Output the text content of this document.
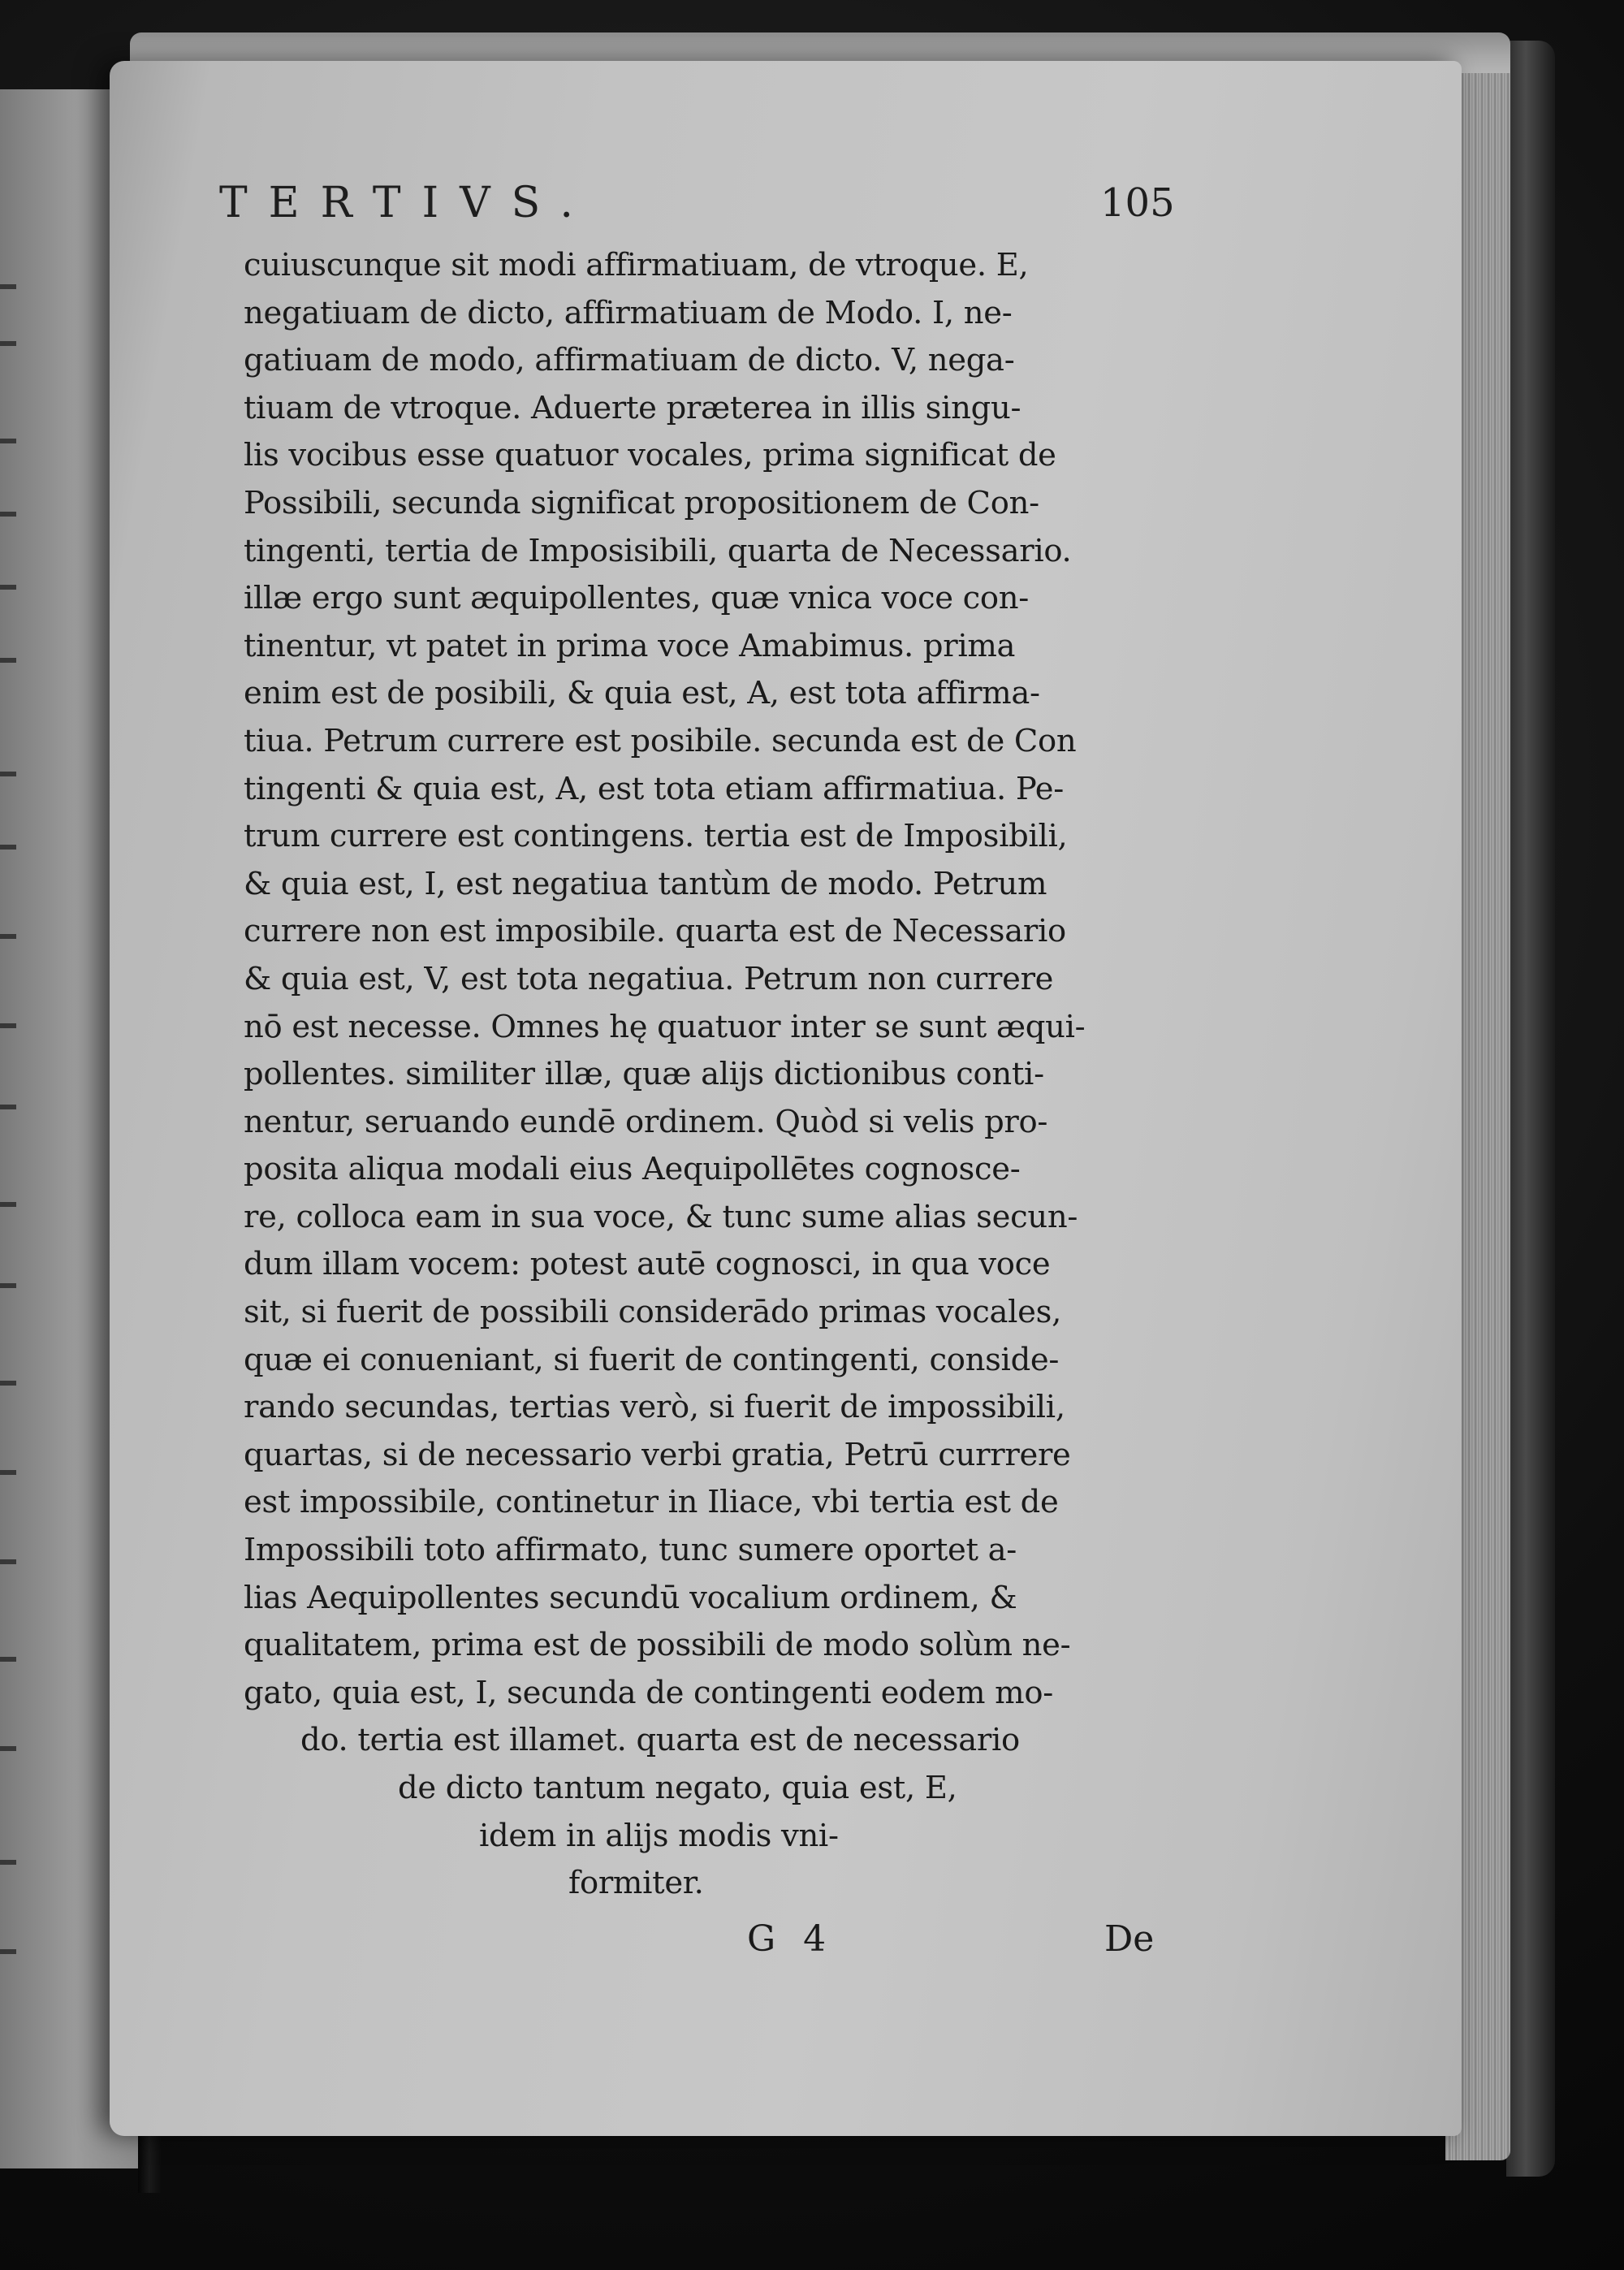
TERTIVS.	105
cuiuscunque sit modi affirmatiuam, de vtroque. E,
negatiuam de dicto, affirmatiuam de Modo. I, ne-
gatiuam de modo, affirmatiuam de dicto. V, nega-
tiuam de vtroque. Aduerte præterea in illis singu-
lis vocibus esse quatuor vocales, prima significat de
Possibili, secunda significat propositionem de Con-
tingenti, tertia de Imposisibili, quarta de Necessario.
illæ ergo sunt æquipollentes, quæ vnica voce con-
tinentur, vt patet in prima voce Amabimus. prima
enim est de posibili, & quia est, A, est tota affirma-
tiua. Petrum currere est posibile. secunda est de Con
tingenti & quia est, A, est tota etiam affirmatiua. Pe-
trum currere est contingens. tertia est de Imposibili,
& quia est, I, est negatiua tantùm de modo. Petrum
currere non est imposibile. quarta est de Necessario
& quia est, V, est tota negatiua. Petrum non currere
nō est necesse. Omnes hę quatuor inter se sunt æqui-
pollentes. similiter illæ, quæ alijs dictionibus conti-
nentur, seruando eundē ordinem. Quòd si velis pro-
posita aliqua modali eius Aequipollētes cognosce-
re, colloca eam in sua voce, & tunc sume alias secun-
dum illam vocem: potest autē cognosci, in qua voce
sit, si fuerit de possibili considerādo primas vocales,
quæ ei conueniant, si fuerit de contingenti, conside-
rando secundas, tertias verò, si fuerit de impossibili,
quartas, si de necessario verbi gratia, Petrū currrere
est impossibile, continetur in Iliace, vbi tertia est de
Impossibili toto affirmato, tunc sumere oportet a-
lias Aequipollentes secundū vocalium ordinem, &
qualitatem, prima est de possibili de modo solùm ne-
gato, quia est, I, secunda de contingenti eodem mo-
do. tertia est illamet. quarta est de necessario
de dicto tantum negato, quia est, E,
idem in alijs modis vni-
formiter.
G 4	De
